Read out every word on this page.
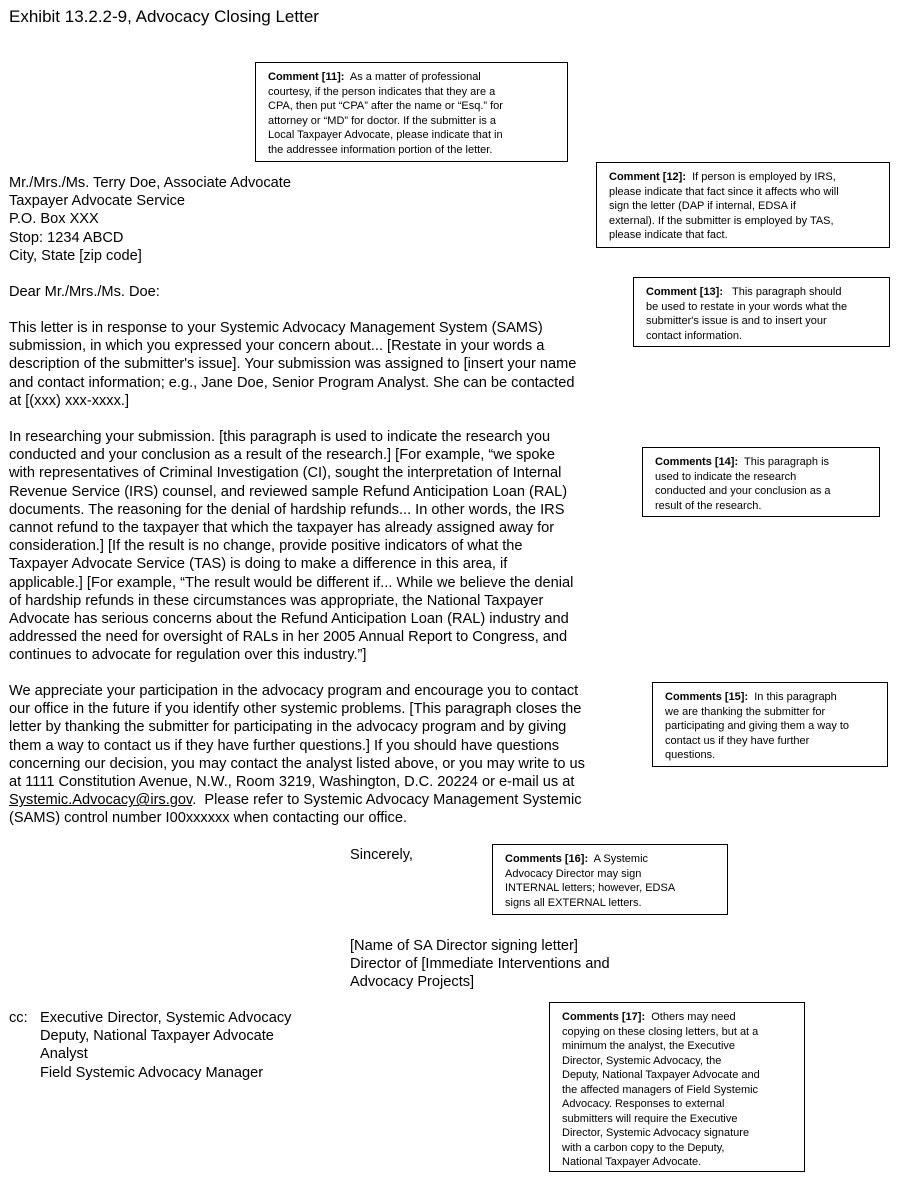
Exhibit 13.2.2-9, Advocacy Closing Letter
Comment [11]:  As a matter of professional
courtesy, if the person indicates that they are a
CPA, then put “CPA” after the name or “Esq.” for
attorney or “MD” for doctor. If the submitter is a
Local Taxpayer Advocate, please indicate that in
the addressee information portion of the letter.
Comment [12]:  If person is employed by IRS,
please indicate that fact since it affects who will
sign the letter (DAP if internal, EDSA if
external). If the submitter is employed by TAS,
please indicate that fact.
Mr./Mrs./Ms. Terry Doe, Associate Advocate
Taxpayer Advocate Service
P.O. Box XXX
Stop: 1234 ABCD
City, State [zip code]
Comment [13]:   This paragraph should
be used to restate in your words what the
submitter's issue is and to insert your
contact information.
Dear Mr./Mrs./Ms. Doe:
This letter is in response to your Systemic Advocacy Management System (SAMS)
submission, in which you expressed your concern about... [Restate in your words a
description of the submitter's issue]. Your submission was assigned to [insert your name
and contact information; e.g., Jane Doe, Senior Program Analyst. She can be contacted
at [(xxx) xxx-xxxx.]
In researching your submission. [this paragraph is used to indicate the research you
conducted and your conclusion as a result of the research.] [For example, “we spoke
with representatives of Criminal Investigation (CI), sought the interpretation of Internal
Revenue Service (IRS) counsel, and reviewed sample Refund Anticipation Loan (RAL)
documents. The reasoning for the denial of hardship refunds... In other words, the IRS
cannot refund to the taxpayer that which the taxpayer has already assigned away for
consideration.] [If the result is no change, provide positive indicators of what the
Taxpayer Advocate Service (TAS) is doing to make a difference in this area, if
applicable.] [For example, “The result would be different if... While we believe the denial
of hardship refunds in these circumstances was appropriate, the National Taxpayer
Advocate has serious concerns about the Refund Anticipation Loan (RAL) industry and
addressed the need for oversight of RALs in her 2005 Annual Report to Congress, and
continues to advocate for regulation over this industry.”]
Comments [14]:  This paragraph is
used to indicate the research
conducted and your conclusion as a
result of the research.
We appreciate your participation in the advocacy program and encourage you to contact
our office in the future if you identify other systemic problems. [This paragraph closes the
letter by thanking the submitter for participating in the advocacy program and by giving
them a way to contact us if they have further questions.] If you should have questions
concerning our decision, you may contact the analyst listed above, or you may write to us
at 1111 Constitution Avenue, N.W., Room 3219, Washington, D.C. 20224 or e-mail us at
Systemic.Advocacy@irs.gov.  Please refer to Systemic Advocacy Management Systemic
(SAMS) control number I00xxxxxx when contacting our office.
Comments [15]:  In this paragraph
we are thanking the submitter for
participating and giving them a way to
contact us if they have further
questions.
Sincerely,	Comments [16]:  A Systemic
Advocacy Director may sign
INTERNAL letters; however, EDSA
signs all EXTERNAL letters.
[Name of SA Director signing letter]
Director of [Immediate Interventions and
Advocacy Projects]
cc: Executive Director, Systemic Advocacy
Deputy, National Taxpayer Advocate
Analyst
Field Systemic Advocacy Manager
Comments [17]:  Others may need
copying on these closing letters, but at a
minimum the analyst, the Executive
Director, Systemic Advocacy, the
Deputy, National Taxpayer Advocate and
the affected managers of Field Systemic
Advocacy. Responses to external
submitters will require the Executive
Director, Systemic Advocacy signature
with a carbon copy to the Deputy,
National Taxpayer Advocate.
